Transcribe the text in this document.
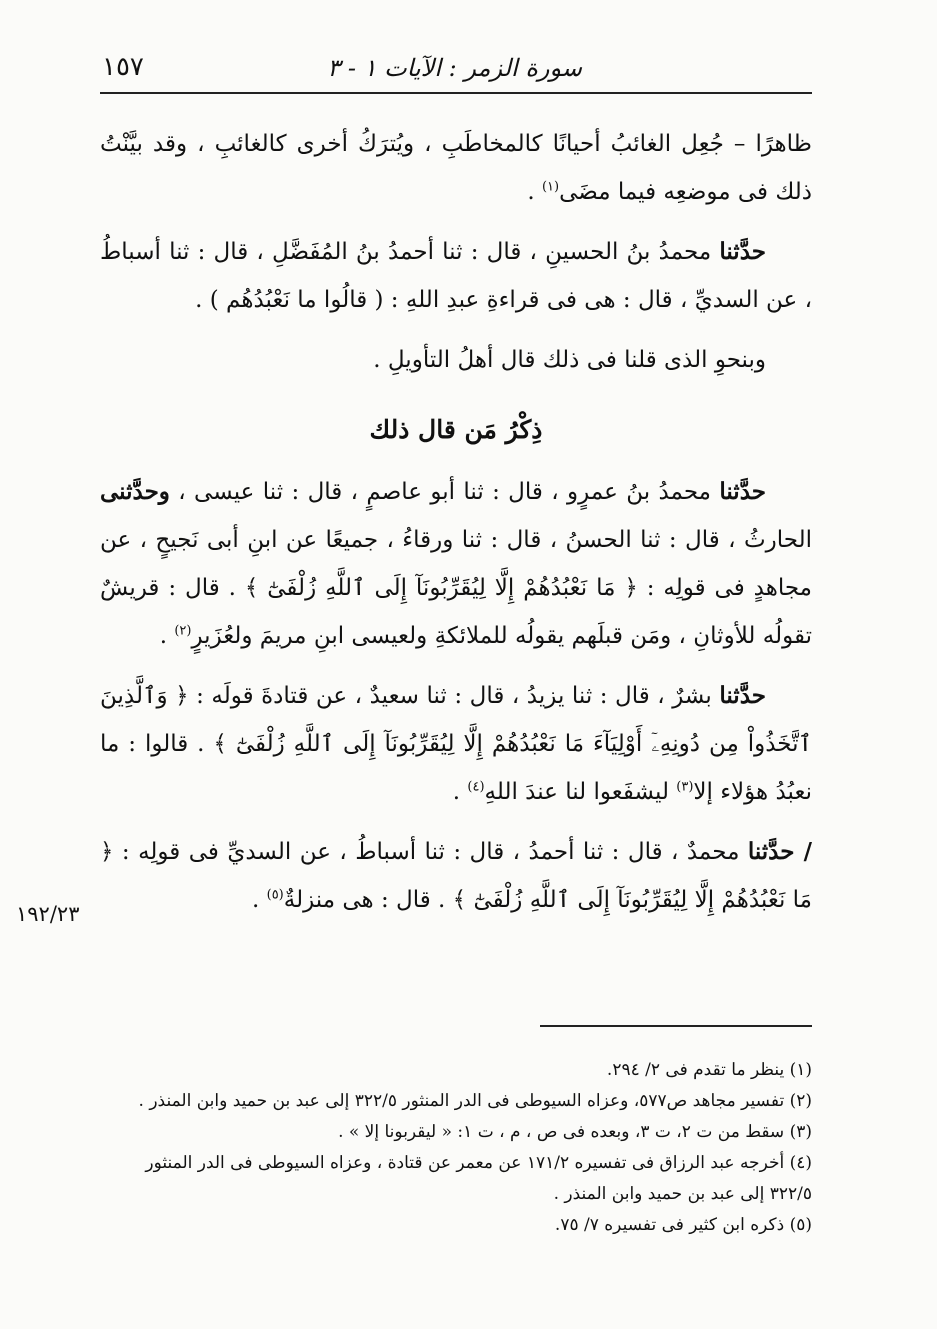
سورة الزمر : الآيات ١ - ٣
١٥٧

ظاهرًا – جُعِل الغائبُ أحيانًا كالمخاطَبِ ، ويُترَكُ أخرى كالغائبِ ، وقد بيَّنْتُ ذلك فى موضعِه فيما مضَى$^{(١)}$ .

حدَّثنا محمدُ بنُ الحسينِ ، قال : ثنا أحمدُ بنُ المُفَضَّلِ ، قال : ثنا أسباطُ ، عن السديِّ ، قال : هى فى قراءةِ عبدِ اللهِ : ( قالُوا ما نَعْبُدُهُم ) .

وبنحوِ الذى قلنا فى ذلك قال أهلُ التأويلِ .

ذِكْرُ مَن قال ذلك

حدَّثنا محمدُ بنُ عمرٍو ، قال : ثنا أبو عاصمٍ ، قال : ثنا عيسى ، وحدَّثنى الحارثُ ، قال : ثنا الحسنُ ، قال : ثنا ورقاءُ ، جميعًا عن ابنِ أبى نَجيحٍ ، عن مجاهدٍ فى قولِه : ﴿ مَا نَعْبُدُهُمْ إِلَّا لِيُقَرِّبُونَآ إِلَى ٱللَّهِ زُلْفَىٰٓ ﴾ . قال : قريشٌ تقولُه للأوثانِ ، ومَن قبلَهم يقولُه للملائكةِ ولعيسى ابنِ مريمَ ولعُزَيرٍ$^{(٢)}$ .

حدَّثنا بشرٌ ، قال : ثنا يزيدُ ، قال : ثنا سعيدٌ ، عن قتادةَ قولَه : ﴿ وَٱلَّذِينَ ٱتَّخَذُواْ مِن دُونِهِۦٓ أَوْلِيَآءَ مَا نَعْبُدُهُمْ إِلَّا لِيُقَرِّبُونَآ إِلَى ٱللَّهِ زُلْفَىٰٓ ﴾ . قالوا : ما نعبُدُ هؤلاء إلا$^{(٣)}$ ليشفَعوا لنا عندَ اللهِ$^{(٤)}$ .

/ حدَّثنا محمدٌ ، قال : ثنا أحمدُ ، قال : ثنا أسباطُ ، عن السديِّ فى قولِه : ﴿ مَا نَعْبُدُهُمْ إِلَّا لِيُقَرِّبُونَآ إِلَى ٱللَّهِ زُلْفَىٰٓ ﴾ . قال : هى منزلةٌ$^{(٥)}$ .

١٩٢/٢٣

(١) ينظر ما تقدم فى ٢/ ٢٩٤.

(٢) تفسير مجاهد ص٥٧٧، وعزاه السيوطى فى الدر المنثور ٣٢٢/٥ إلى عبد بن حميد وابن المنذر .

(٣) سقط من ت ٢، ت ٣، وبعده فى ص ، م ، ت ١: « ليقربونا إلا » .

(٤) أخرجه عبد الرزاق فى تفسيره ١٧١/٢ عن معمر عن قتادة ، وعزاه السيوطى فى الدر المنثور ٣٢٢/٥ إلى عبد بن حميد وابن المنذر .

(٥) ذكره ابن كثير فى تفسيره ٧/ ٧٥.
